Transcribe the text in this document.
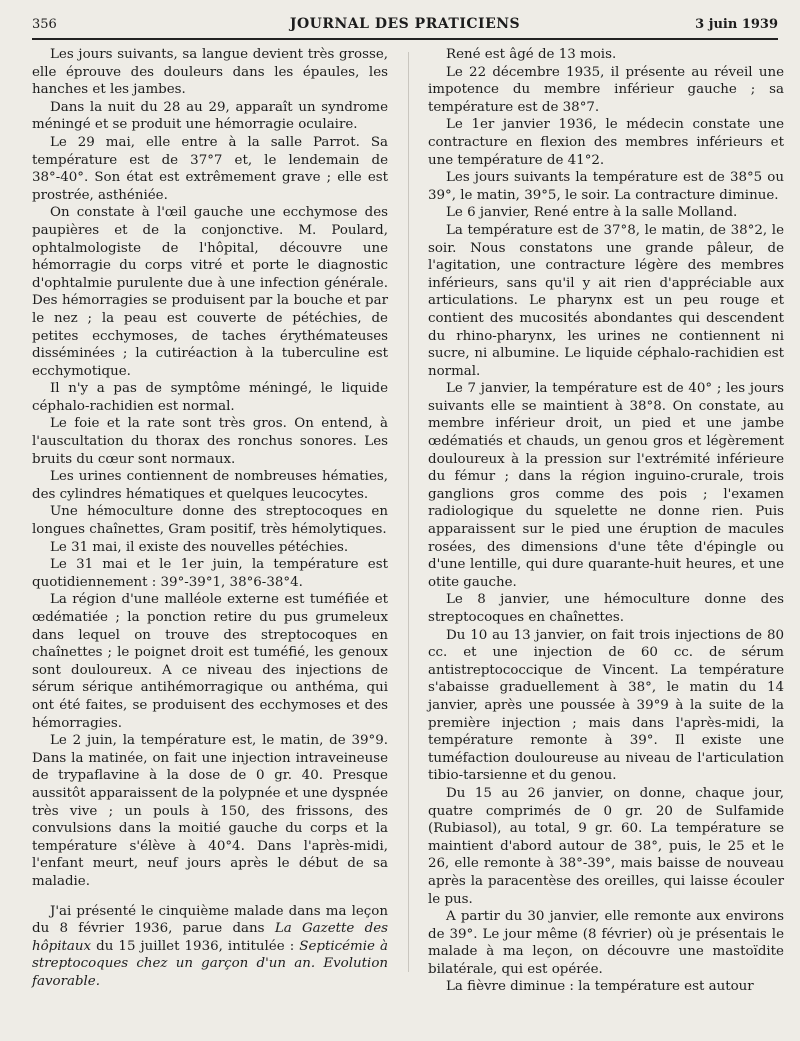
356	JOURNAL DES PRATICIENS	3 juin 1939

Les jours suivants, sa langue devient très grosse, elle éprouve des douleurs dans les épaules, les hanches et les jambes.

Dans la nuit du 28 au 29, apparaît un syndrome méningé et se produit une hémorragie oculaire.

Le 29 mai, elle entre à la salle Parrot. Sa température est de 37°7 et, le lendemain de 38°-40°. Son état est extrêmement grave ; elle est prostrée, asthéniée.

On constate à l'œil gauche une ecchymose des paupières et de la conjonctive. M. Poulard, ophtalmologiste de l'hôpital, découvre une hémorragie du corps vitré et porte le diagnostic d'ophtalmie purulente due à une infection générale. Des hémorragies se produisent par la bouche et par le nez ; la peau est couverte de pétéchies, de petites ecchymoses, de taches érythémateuses disséminées ; la cutiréaction à la tuberculine est ecchymotique.

Il n'y a pas de symptôme méningé, le liquide céphalo-rachidien est normal.

Le foie et la rate sont très gros. On entend, à l'auscultation du thorax des ronchus sonores. Les bruits du cœur sont normaux.

Les urines contiennent de nombreuses hématies, des cylindres hématiques et quelques leucocytes.

Une hémoculture donne des streptocoques en longues chaînettes, Gram positif, très hémolytiques.

Le 31 mai, il existe des nouvelles pétéchies.

Le 31 mai et le 1er juin, la température est quotidiennement : 39°-39°1, 38°6-38°4.

La région d'une malléole externe est tuméfiée et œdématiée ; la ponction retire du pus grumeleux dans lequel on trouve des streptocoques en chaînettes ; le poignet droit est tuméfié, les genoux sont douloureux. A ce niveau des injections de sérum sérique antihémorragique ou anthéma, qui ont été faites, se produisent des ecchymoses et des hémorragies.

Le 2 juin, la température est, le matin, de 39°9. Dans la matinée, on fait une injection intraveineuse de trypaflavine à la dose de 0 gr. 40. Presque aussitôt apparaissent de la polypnée et une dyspnée très vive ; un pouls à 150, des frissons, des convulsions dans la moitié gauche du corps et la température s'élève à 40°4. Dans l'après-midi, l'enfant meurt, neuf jours après le début de sa maladie.

J'ai présenté le cinquième malade dans ma leçon du 8 février 1936, parue dans La Gazette des hôpitaux du 15 juillet 1936, intitulée : Septicémie à streptocoques chez un garçon d'un an. Evolution favorable.

René est âgé de 13 mois.

Le 22 décembre 1935, il présente au réveil une impotence du membre inférieur gauche ; sa température est de 38°7.

Le 1er janvier 1936, le médecin constate une contracture en flexion des membres inférieurs et une température de 41°2.

Les jours suivants la température est de 38°5 ou 39°, le matin, 39°5, le soir. La contracture diminue.

Le 6 janvier, René entre à la salle Molland.

La température est de 37°8, le matin, de 38°2, le soir. Nous constatons une grande pâleur, de l'agitation, une contracture légère des membres inférieurs, sans qu'il y ait rien d'appréciable aux articulations. Le pharynx est un peu rouge et contient des mucosités abondantes qui descendent du rhino-pharynx, les urines ne contiennent ni sucre, ni albumine. Le liquide céphalo-rachidien est normal.

Le 7 janvier, la température est de 40° ; les jours suivants elle se maintient à 38°8. On constate, au membre inférieur droit, un pied et une jambe œdématiés et chauds, un genou gros et légèrement douloureux à la pression sur l'extrémité inférieure du fémur ; dans la région inguino-crurale, trois ganglions gros comme des pois ; l'examen radiologique du squelette ne donne rien. Puis apparaissent sur le pied une éruption de macules rosées, des dimensions d'une tête d'épingle ou d'une lentille, qui dure quarante-huit heures, et une otite gauche.

Le 8 janvier, une hémoculture donne des streptocoques en chaînettes.

Du 10 au 13 janvier, on fait trois injections de 80 cc. et une injection de 60 cc. de sérum antistreptococcique de Vincent. La température s'abaisse graduellement à 38°, le matin du 14 janvier, après une poussée à 39°9 à la suite de la première injection ; mais dans l'après-midi, la température remonte à 39°. Il existe une tuméfaction douloureuse au niveau de l'articulation tibio-tarsienne et du genou.

Du 15 au 26 janvier, on donne, chaque jour, quatre comprimés de 0 gr. 20 de Sulfamide (Rubiasol), au total, 9 gr. 60. La température se maintient d'abord autour de 38°, puis, le 25 et le 26, elle remonte à 38°-39°, mais baisse de nouveau après la paracentèse des oreilles, qui laisse écouler le pus.

A partir du 30 janvier, elle remonte aux environs de 39°. Le jour même (8 février) où je présentais le malade à ma leçon, on découvre une mastoïdite bilatérale, qui est opérée.

La fièvre diminue : la température est autour
